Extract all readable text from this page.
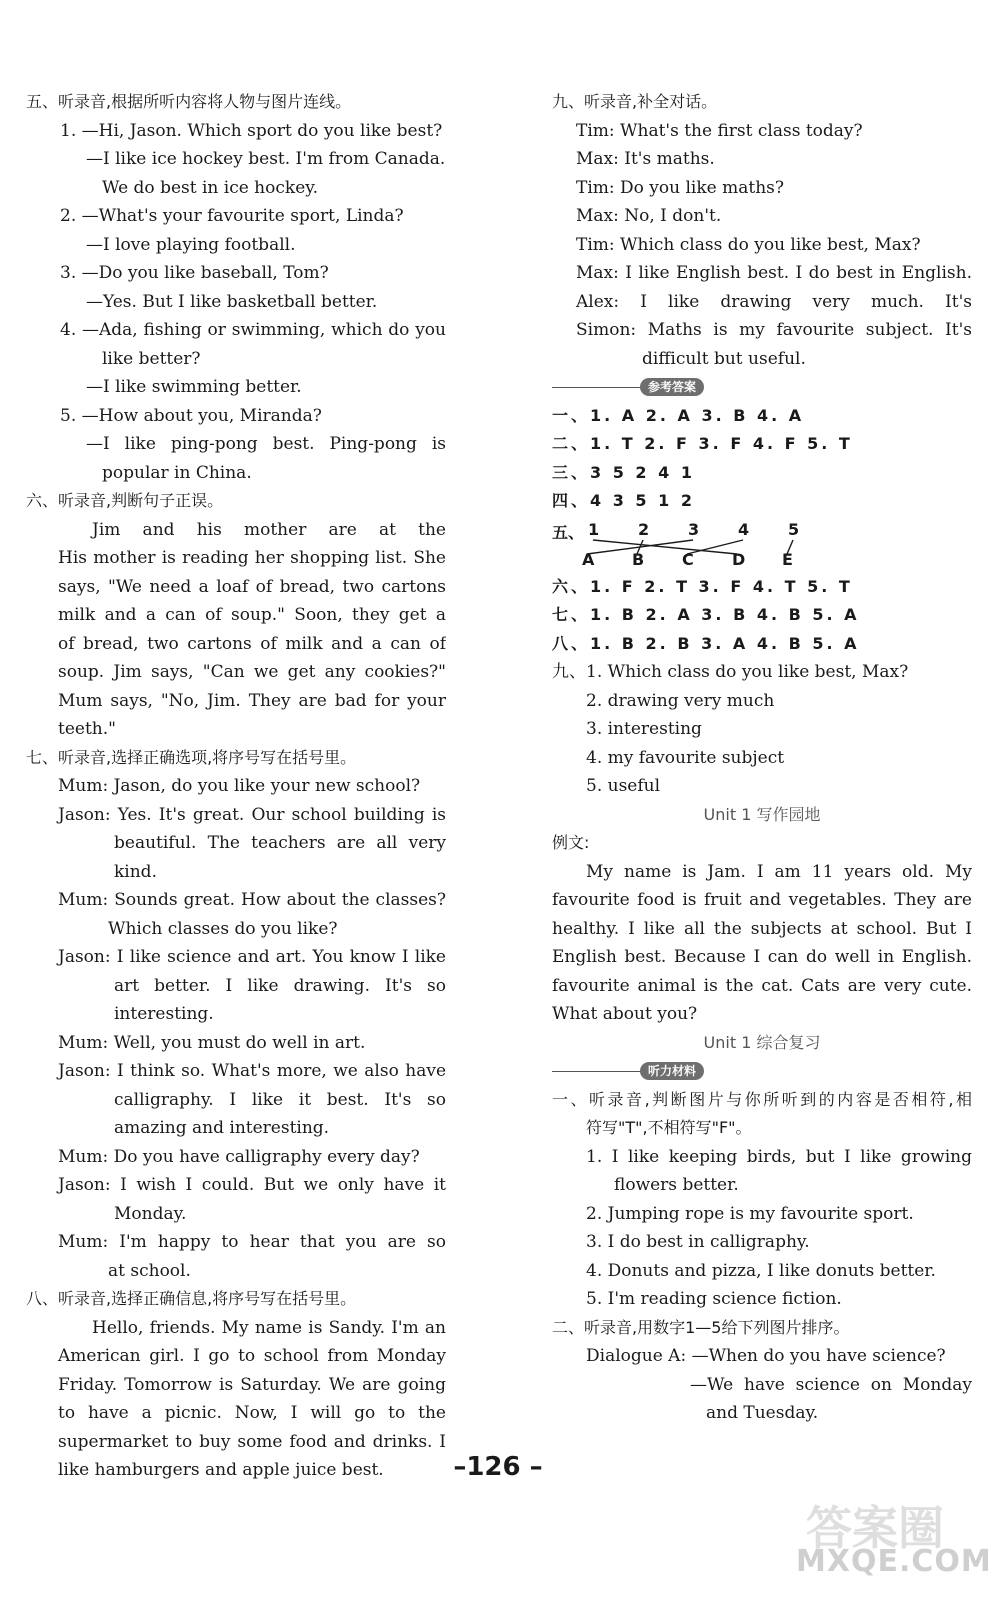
五、听录音,根据所听内容将人物与图片连线。
1. —Hi, Jason. Which sport do you like best?
—I like ice hockey best. I'm from Canada.
We do best in ice hockey.
2. —What's your favourite sport, Linda?
—I love playing football.
3. —Do you like baseball, Tom?
—Yes. But I like basketball better.
4. —Ada, fishing or swimming, which do you
like better?
—I like swimming better.
5. —How about you, Miranda?
—I like ping-pong best. Ping-pong is
popular in China.
六、听录音,判断句子正误。
Jim and his mother are at the
His mother is reading her shopping list. She
says, "We need a loaf of bread, two cartons
milk and a can of soup." Soon, they get a
of bread, two cartons of milk and a can of
soup. Jim says, "Can we get any cookies?"
Mum says, "No, Jim. They are bad for your
teeth."
七、听录音,选择正确选项,将序号写在括号里。
Mum: Jason, do you like your new school?
Jason: Yes. It's great. Our school building is
beautiful. The teachers are all very
kind.
Mum: Sounds great. How about the classes?
Which classes do you like?
Jason: I like science and art. You know I like
art better. I like drawing. It's so
interesting.
Mum: Well, you must do well in art.
Jason: I think so. What's more, we also have
calligraphy. I like it best. It's so
amazing and interesting.
Mum: Do you have calligraphy every day?
Jason: I wish I could. But we only have it
Monday.
Mum: I'm happy to hear that you are so
at school.
八、听录音,选择正确信息,将序号写在括号里。
Hello, friends. My name is Sandy. I'm an
American girl. I go to school from Monday
Friday. Tomorrow is Saturday. We are going
to have a picnic. Now, I will go to the
supermarket to buy some food and drinks. I
like hamburgers and apple juice best.
九、听录音,补全对话。
Tim: What's the first class today?
Max: It's maths.
Tim: Do you like maths?
Max: No, I don't.
Tim: Which class do you like best, Max?
Max: I like English best. I do best in English.
Alex: I like drawing very much. It's
Simon: Maths is my favourite subject. It's
difficult but useful.
参考答案
一、1. A 2. A 3. B 4. A
二、1. T 2. F 3. F 4. F 5. T
三、3 5 2 4 1
四、4 3 5 1 2
五、 1 2 3 4 5
A B C D E
六、1. F 2. T 3. F 4. T 5. T
七、1. B 2. A 3. B 4. B 5. A
八、1. B 2. B 3. A 4. B 5. A
九、1. Which class do you like best, Max?
2. drawing very much
3. interesting
4. my favourite subject
5. useful
Unit 1 写作园地
例文:
My name is Jam. I am 11 years old. My
favourite food is fruit and vegetables. They are
healthy. I like all the subjects at school. But I
English best. Because I can do well in English.
favourite animal is the cat. Cats are very cute.
What about you?
Unit 1 综合复习
听力材料
一、听录音,判断图片与你所听到的内容是否相符,相
符写"T",不相符写"F"。
1. I like keeping birds, but I like growing
flowers better.
2. Jumping rope is my favourite sport.
3. I do best in calligraphy.
4. Donuts and pizza, I like donuts better.
5. I'm reading science fiction.
二、听录音,用数字1—5给下列图片排序。
Dialogue A: —When do you have science?
—We have science on Monday
and Tuesday.
–126 –
答案圈
MXQE.COM
